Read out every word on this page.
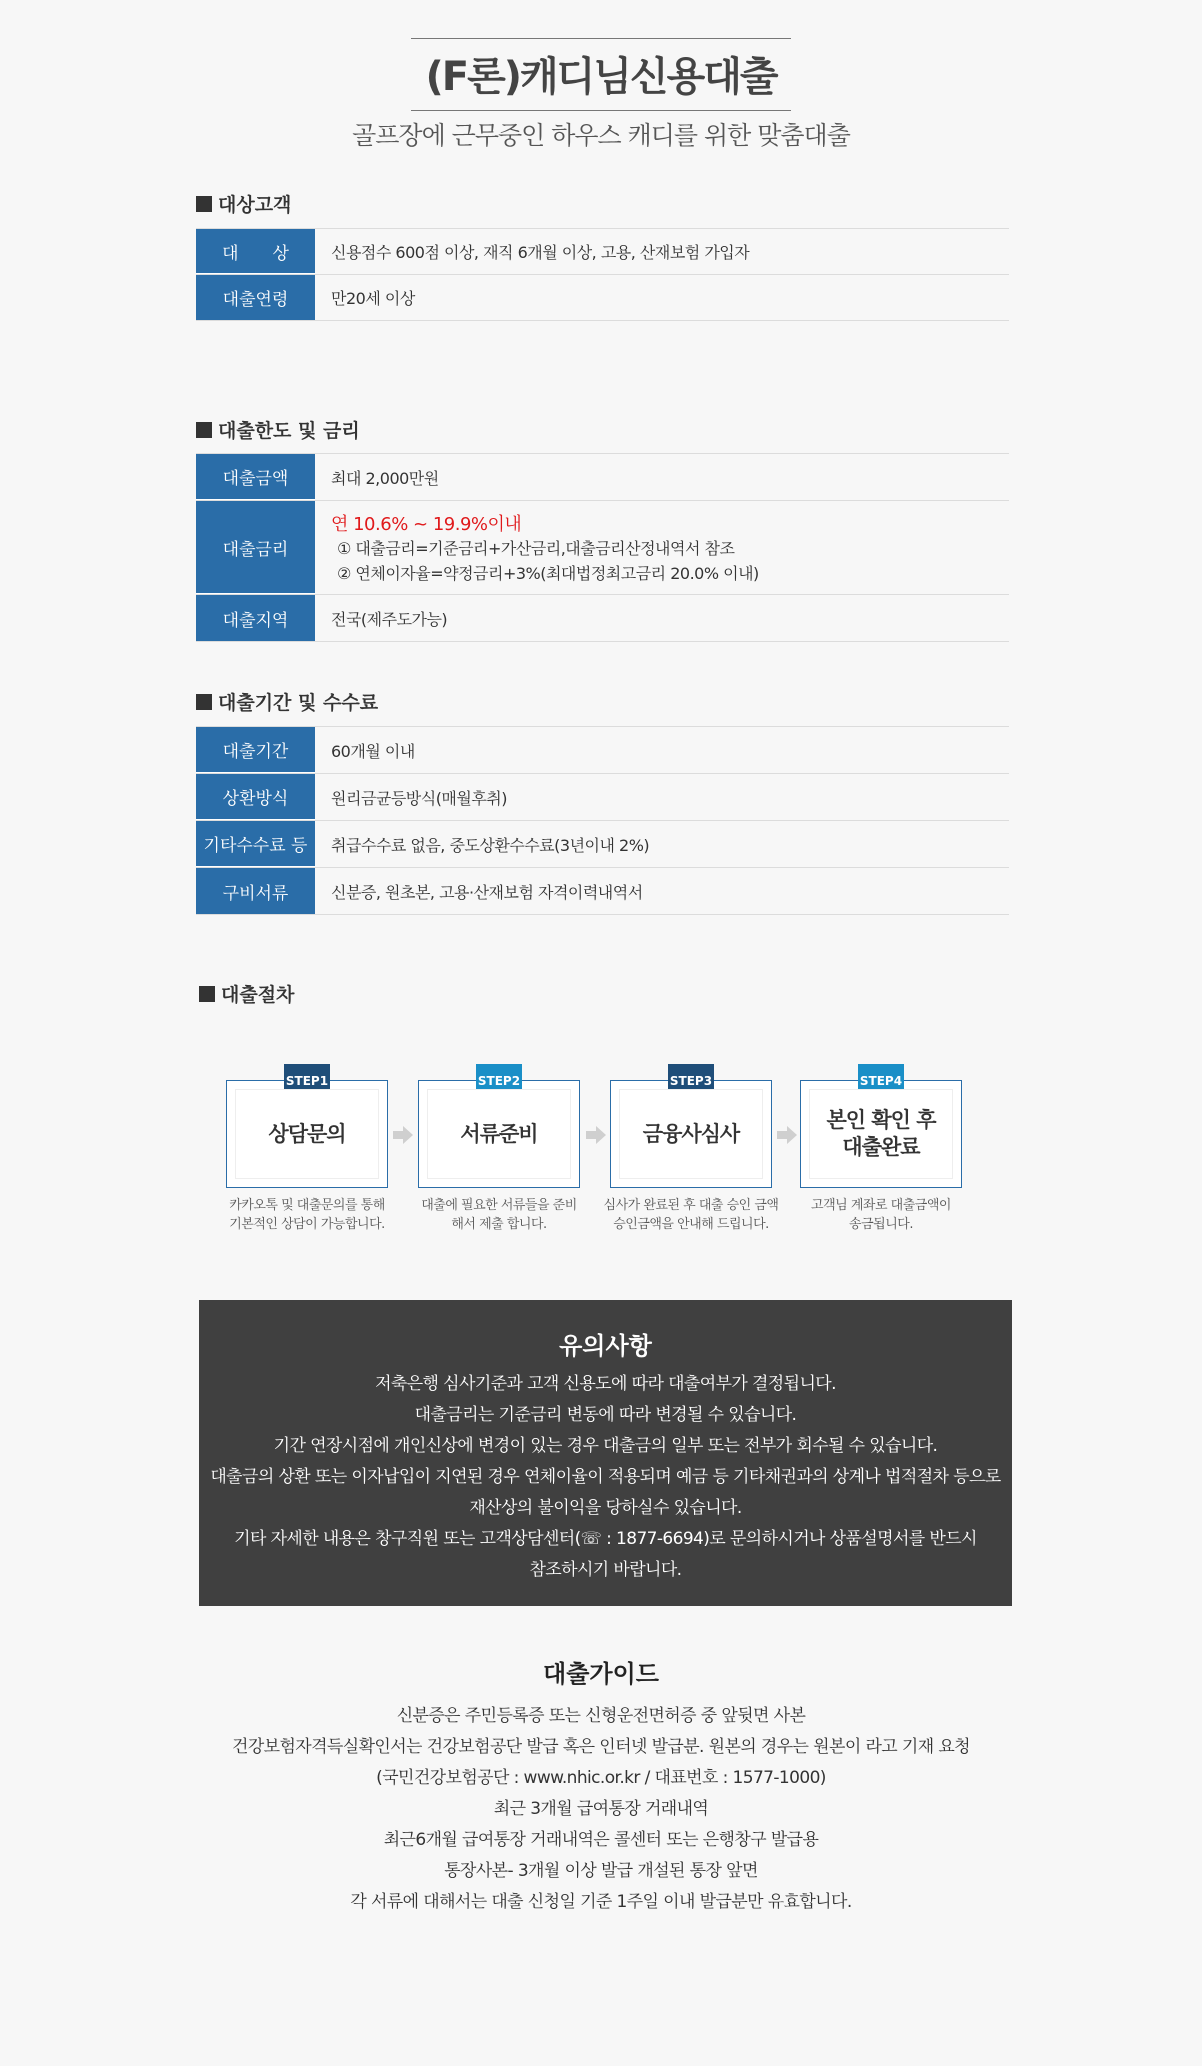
(F론)캐디님신용대출
골프장에 근무중인 하우스 캐디를 위한 맞춤대출
대상고객
대　　상	신용점수 600점 이상, 재직 6개월 이상, 고용, 산재보험 가입자
대출연령	만20세 이상
대출한도 및 금리
대출금액	최대 2,000만원
대출금리
연 10.6% ~ 19.9%이내
① 대출금리=기준금리+가산금리,대출금리산정내역서 참조
② 연체이자율=약정금리+3%(최대법정최고금리 20.0% 이내)
대출지역	전국(제주도가능)
대출기간 및 수수료
대출기간	60개월 이내
상환방식	원리금균등방식(매월후취)
기타수수료 등	취급수수료 없음, 중도상환수수료(3년이내 2%)
구비서류	신분증, 원초본, 고용·산재보험 자격이력내역서
대출절차
STEP1
상담문의
카카오톡 및 대출문의를 통해
기본적인 상담이 가능합니다.
STEP2
서류준비
대출에 필요한 서류들을 준비
해서 제출 합니다.
STEP3
금융사심사
심사가 완료된 후 대출 승인 금액
승인금액을 안내해 드립니다.
STEP4
본인 확인 후
대출완료
고객님 계좌로 대출금액이
송금됩니다.
유의사항
저축은행 심사기준과 고객 신용도에 따라 대출여부가 결정됩니다.
대출금리는 기준금리 변동에 따라 변경될 수 있습니다.
기간 연장시점에 개인신상에 변경이 있는 경우 대출금의 일부 또는 전부가 회수될 수 있습니다.
대출금의 상환 또는 이자납입이 지연된 경우 연체이율이 적용되며 예금 등 기타채권과의 상계나 법적절차 등으로
재산상의 불이익을 당하실수 있습니다.
기타 자세한 내용은 창구직원 또는 고객상담센터(☏ : 1877-6694)로 문의하시거나 상품설명서를 반드시
참조하시기 바랍니다.
대출가이드
신분증은 주민등록증 또는 신형운전면허증 중 앞뒷면 사본
건강보험자격득실확인서는 건강보험공단 발급 혹은 인터넷 발급분. 원본의 경우는 원본이 라고 기재 요청
(국민건강보험공단 : www.nhic.or.kr / 대표번호 : 1577-1000)
최근 3개월 급여통장 거래내역
최근6개월 급여통장 거래내역은 콜센터 또는 은행창구 발급용
통장사본- 3개월 이상 발급 개설된 통장 앞면
각 서류에 대해서는 대출 신청일 기준 1주일 이내 발급분만 유효합니다.
